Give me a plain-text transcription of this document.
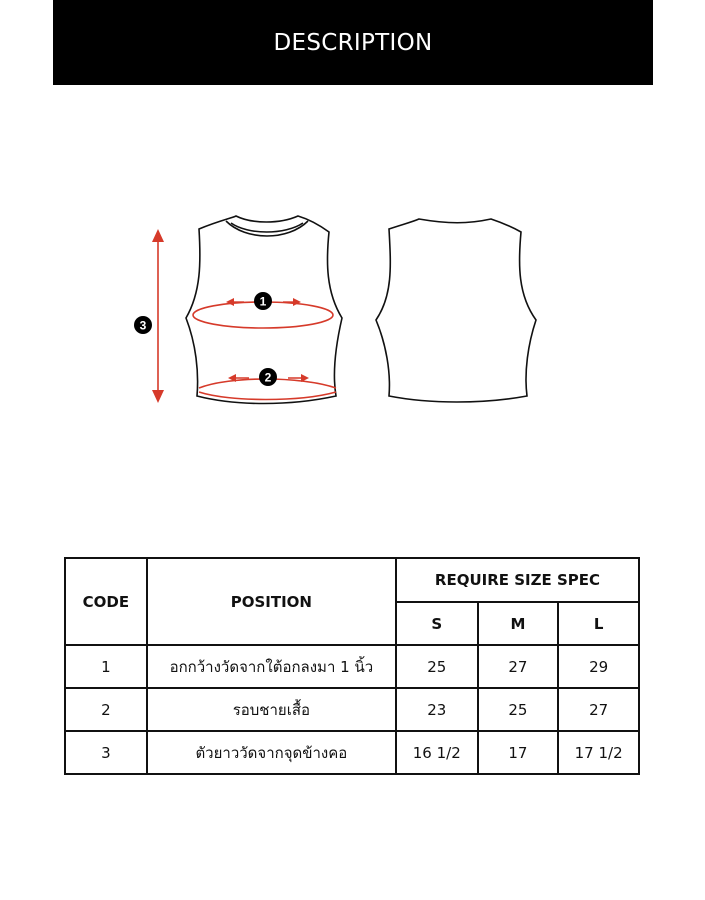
DESCRIPTION
1
2
3
CODE	POSITION	REQUIRE SIZE SPEC		
		S	M	L
1	อกกว้างวัดจากใต้อกลงมา 1 นิ้ว	25	27	29
2	รอบชายเสื้อ	23	25	27
3	ตัวยาววัดจากจุดข้างคอ	16 1/2	17	17 1/2
